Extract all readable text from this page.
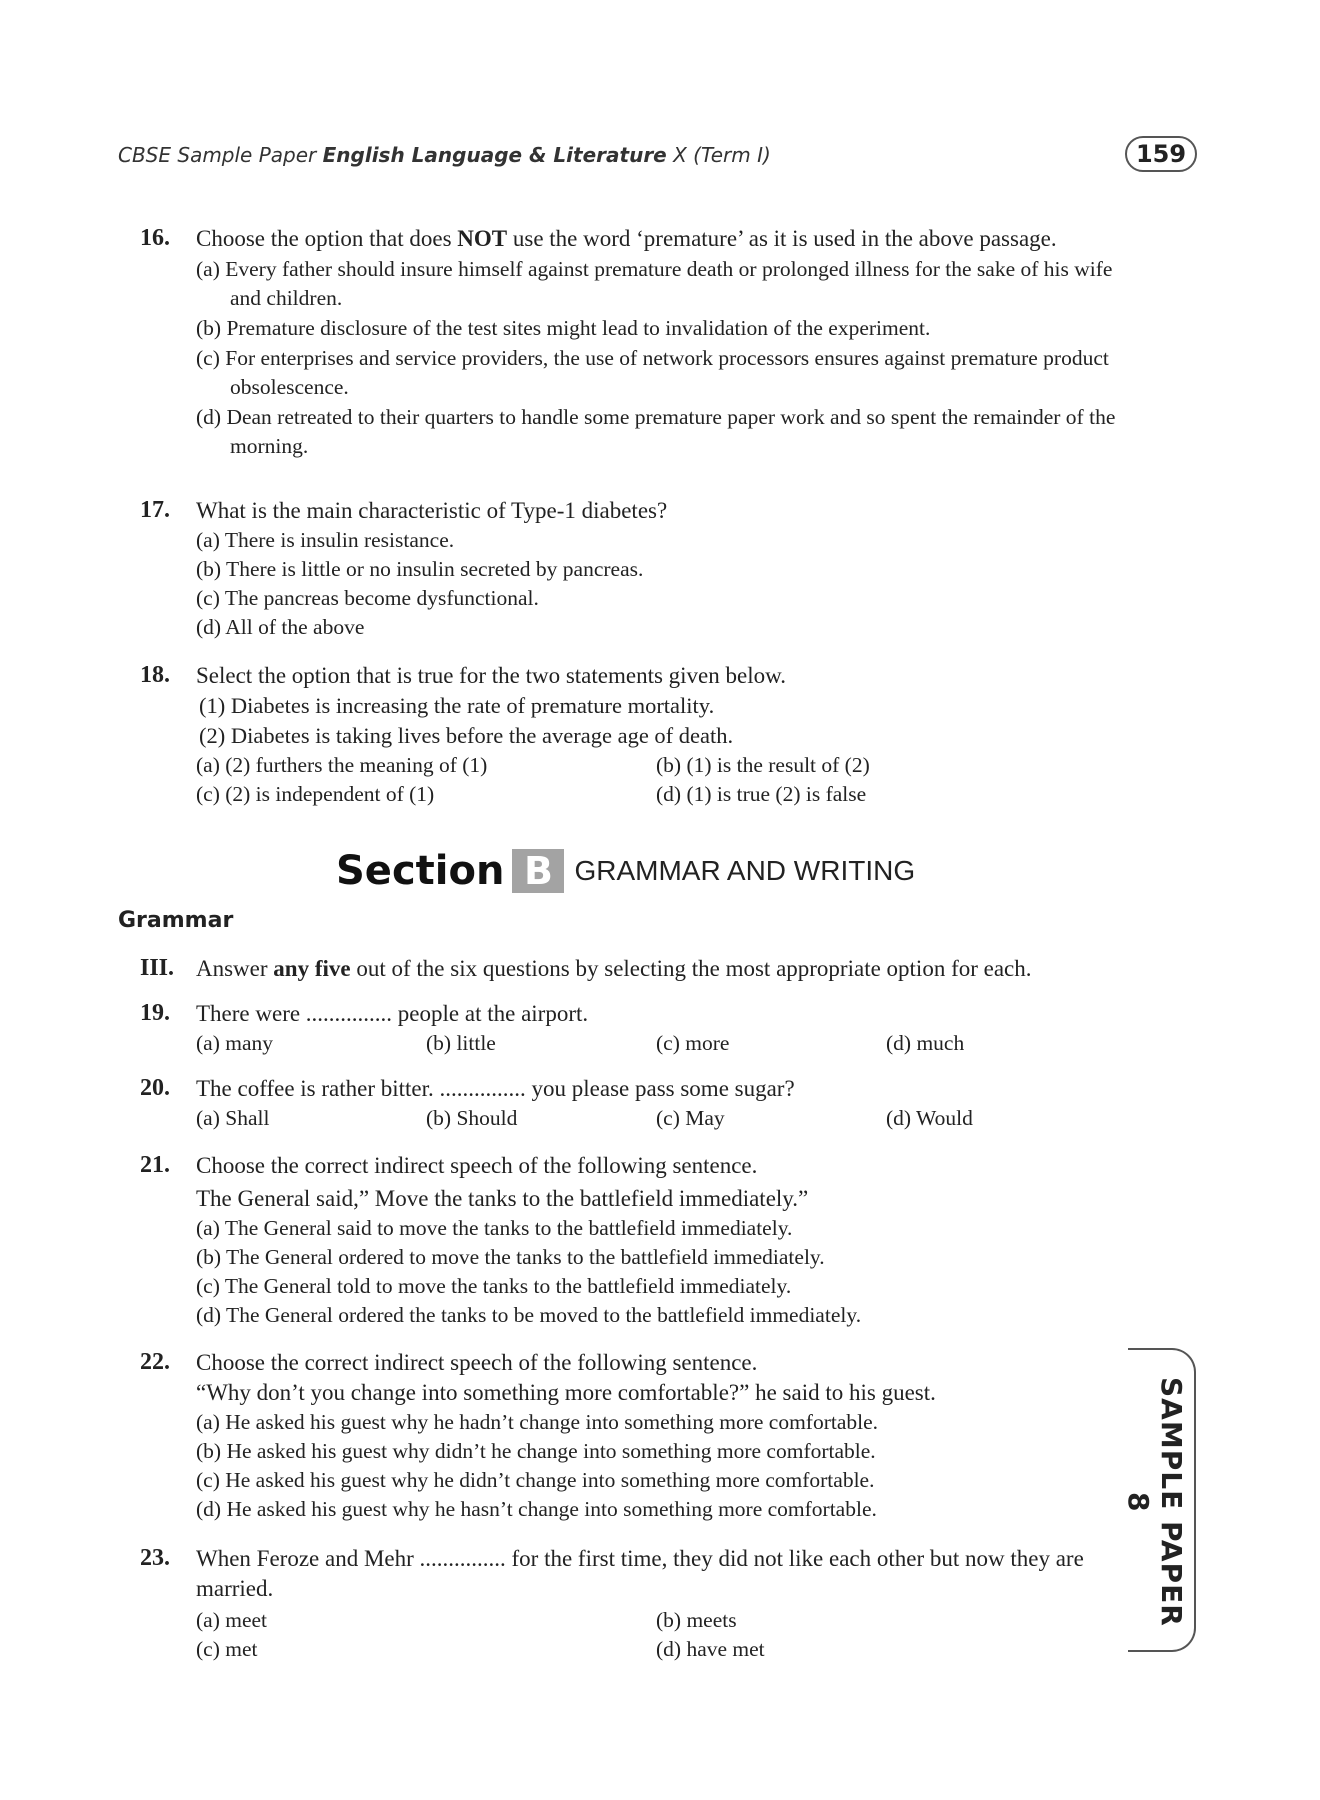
CBSE Sample Paper English Language & Literature X (Term I)	159
16. Choose the option that does NOT use the word ‘premature’ as it is used in the above passage.
(a) Every father should insure himself against premature death or prolonged illness for the sake of his wife and children.
(b) Premature disclosure of the test sites might lead to invalidation of the experiment.
(c) For enterprises and service providers, the use of network processors ensures against premature product obsolescence.
(d) Dean retreated to their quarters to handle some premature paper work and so spent the remainder of the morning.
17. What is the main characteristic of Type-1 diabetes?
(a) There is insulin resistance.
(b) There is little or no insulin secreted by pancreas.
(c) The pancreas become dysfunctional.
(d) All of the above
18. Select the option that is true for the two statements given below.
(1) Diabetes is increasing the rate of premature mortality.
(2) Diabetes is taking lives before the average age of death.
(a) (2) furthers the meaning of (1)	(b) (1) is the result of (2)
(c) (2) is independent of (1)	(d) (1) is true (2) is false
Section B GRAMMAR AND WRITING
Grammar
III. Answer any five out of the six questions by selecting the most appropriate option for each.
19. There were ............... people at the airport.
(a) many	(b) little	(c) more	(d) much
20. The coffee is rather bitter. ............... you please pass some sugar?
(a) Shall	(b) Should	(c) May	(d) Would
21. Choose the correct indirect speech of the following sentence.
The General said,” Move the tanks to the battlefield immediately.”
(a) The General said to move the tanks to the battlefield immediately.
(b) The General ordered to move the tanks to the battlefield immediately.
(c) The General told to move the tanks to the battlefield immediately.
(d) The General ordered the tanks to be moved to the battlefield immediately.
22. Choose the correct indirect speech of the following sentence.
“Why don’t you change into something more comfortable?” he said to his guest.
(a) He asked his guest why he hadn’t change into something more comfortable.
(b) He asked his guest why didn’t he change into something more comfortable.
(c) He asked his guest why he didn’t change into something more comfortable.
(d) He asked his guest why he hasn’t change into something more comfortable.
23. When Feroze and Mehr ............... for the first time, they did not like each other but now they are married.
(a) meet	(b) meets
(c) met	(d) have met
SAMPLE PAPER 8
